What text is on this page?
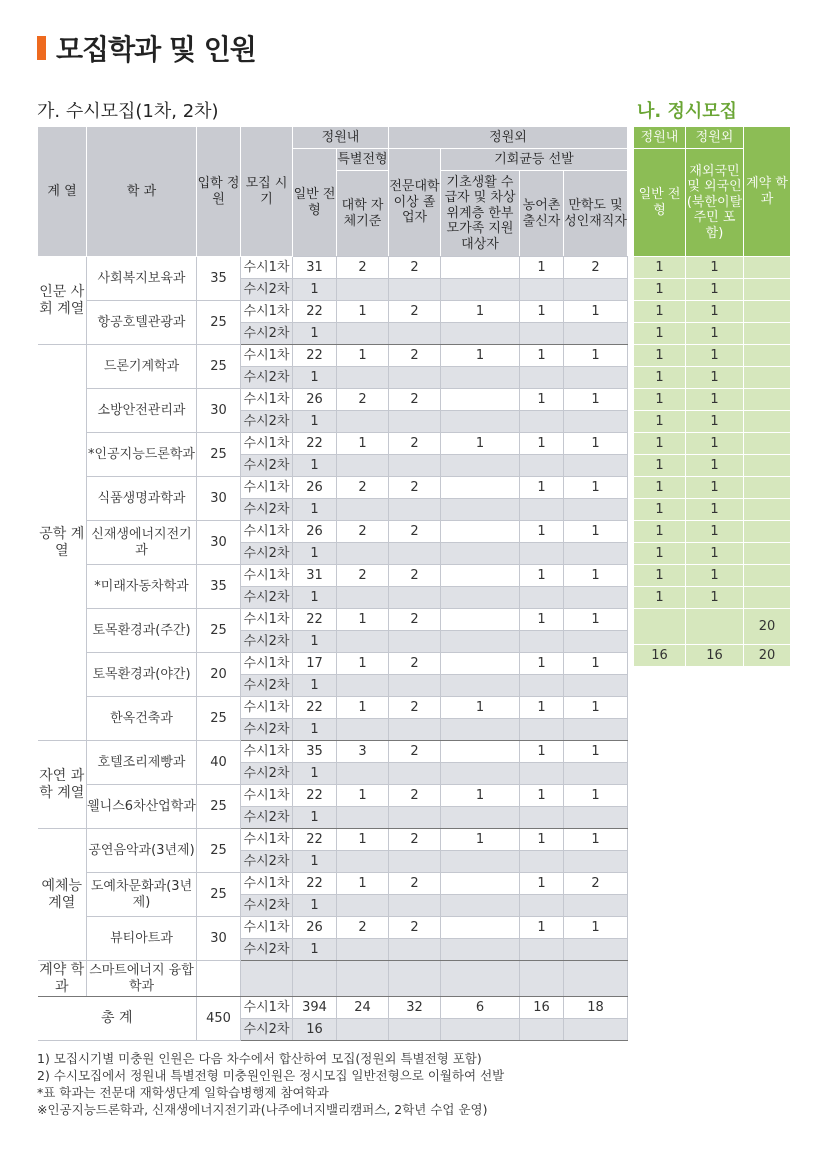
모집학과 및 인원
가. 수시모집(1차, 2차)	나. 정시모집
계 열	학 과	입학 정원	모집 시기	정원내		정원외			
				일반 전형	특별전형	전문대학 이상 졸업자	기회균등 선발		
					대학 자체기준		기초생활 수급자 및 차상위계층 한부모가족 지원대상자	농어촌 출신자	만학도 및 성인재직자

인문 사회 계열	사회복지보육과	35	수시1차	31	2	2		1	2
			수시2차	1					
	항공호텔관광과	25	수시1차	22	1	2	1	1	1
			수시2차	1					
공학 계열	드론기계학과	25	수시1차	22	1	2	1	1	1
			수시2차	1					
	소방안전관리과	30	수시1차	26	2	2		1	1
			수시2차	1					
	*인공지능드론학과	25	수시1차	22	1	2	1	1	1
			수시2차	1					
	식품생명과학과	30	수시1차	26	2	2		1	1
			수시2차	1					
	신재생에너지전기과	30	수시1차	26	2	2		1	1
			수시2차	1					
	*미래자동차학과	35	수시1차	31	2	2		1	1
			수시2차	1					
	토목환경과(주간)	25	수시1차	22	1	2		1	1
			수시2차	1					
	토목환경과(야간)	20	수시1차	17	1	2		1	1
			수시2차	1					
	한옥건축과	25	수시1차	22	1	2	1	1	1
			수시2차	1					
자연 과학 계열	호텔조리제빵과	40	수시1차	35	3	2		1	1
			수시2차	1					
	웰니스6차산업학과	25	수시1차	22	1	2	1	1	1
			수시2차	1					
예체능 계열	공연음악과(3년제)	25	수시1차	22	1	2	1	1	1
			수시2차	1					
	도예차문화과(3년제)	25	수시1차	22	1	2		1	2
			수시2차	1					
	뷰티아트과	30	수시1차	26	2	2		1	1
			수시2차	1					
계약 학과	스마트에너지 융합학과								
총 계		450	수시1차	394	24	32	6	16	18
			수시2차	16					
정원내	정원외	계약 학과
일반 전형	재외국민 및 외국인 (북한이탈 주민 포함)	

1	1	

1	1	

1	1	

1	1	

1	1	

1	1	

1	1	

1	1	

1	1	

1	1	

1	1	

1	1	

1	1	

1	1	

1	1	

1	1	

		20
16	16	20

1) 모집시기별 미충원 인원은 다음 차수에서 합산하여 모집(정원외 특별전형 포함)
2) 수시모집에서 정원내 특별전형 미충원인원은 정시모집 일반전형으로 이월하여 선발
*표 학과는 전문대 재학생단계 일학습병행제 참여학과
※인공지능드론학과, 신재생에너지전기과(나주에너지밸리캠퍼스, 2학년 수업 운영)
